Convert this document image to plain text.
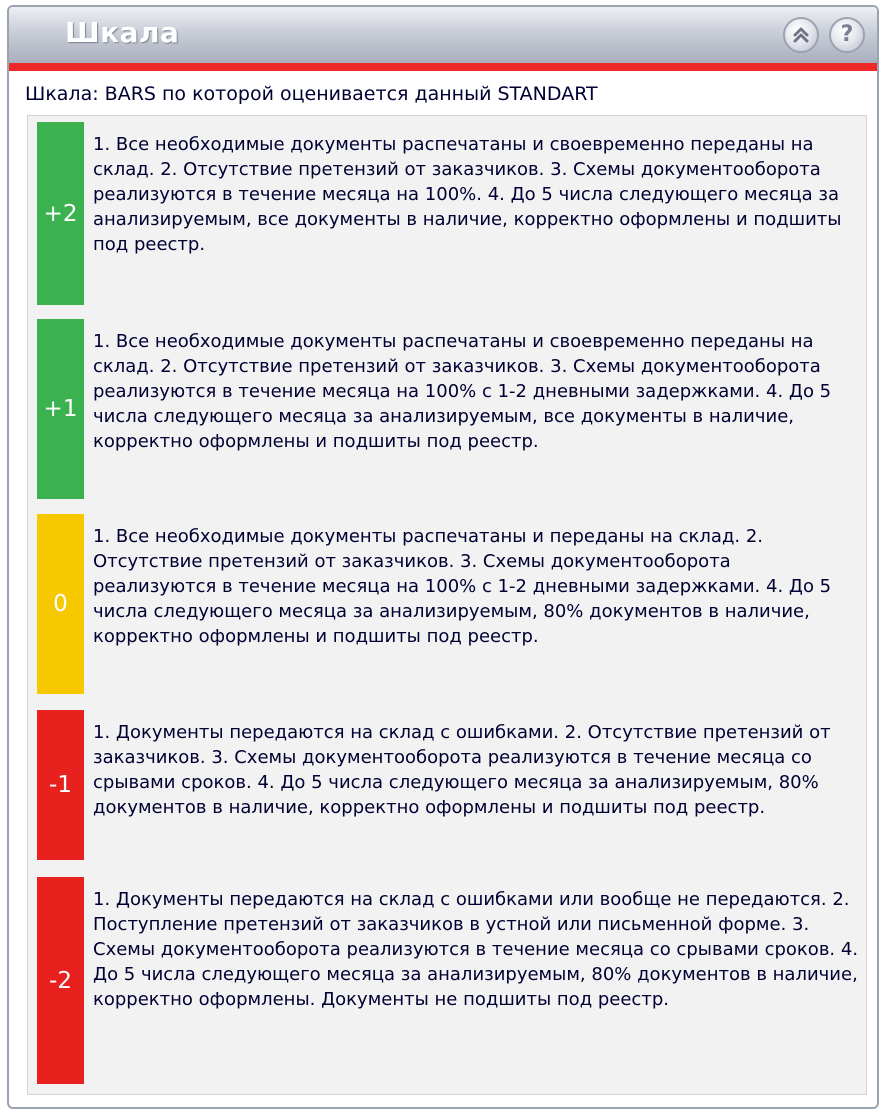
Шкала	?
Шкала: BARS по которой оценивается данный STANDART
+2
1. Все необходимые документы распечатаны и своевременно переданы на склад. 2. Отсутствие претензий от заказчиков. 3. Схемы документооборота реализуются в течение месяца на 100%. 4. До 5 числа следующего месяца за анализируемым, все документы в наличие, корректно оформлены и подшиты под реестр.
+1
1. Все необходимые документы распечатаны и своевременно переданы на склад. 2. Отсутствие претензий от заказчиков. 3. Схемы документооборота реализуются в течение месяца на 100% с 1-2 дневными задержками. 4. До 5 числа следующего месяца за анализируемым, все документы в наличие, корректно оформлены и подшиты под реестр.
0
1. Все необходимые документы распечатаны и переданы на склад. 2. Отсутствие претензий от заказчиков. 3. Схемы документооборота реализуются в течение месяца на 100% с 1-2 дневными задержками. 4. До 5 числа следующего месяца за анализируемым, 80% документов в наличие, корректно оформлены и подшиты под реестр.
-1
1. Документы передаются на склад с ошибками. 2. Отсутствие претензий от заказчиков. 3. Схемы документооборота реализуются в течение месяца со срывами сроков. 4. До 5 числа следующего месяца за анализируемым, 80% документов в наличие, корректно оформлены и подшиты под реестр.
-2
1. Документы передаются на склад с ошибками или вообще не передаются. 2. Поступление претензий от заказчиков в устной или письменной форме. 3. Схемы документооборота реализуются в течение месяца со срывами сроков. 4. До 5 числа следующего месяца за анализируемым, 80% документов в наличие, корректно оформлены. Документы не подшиты под реестр.
